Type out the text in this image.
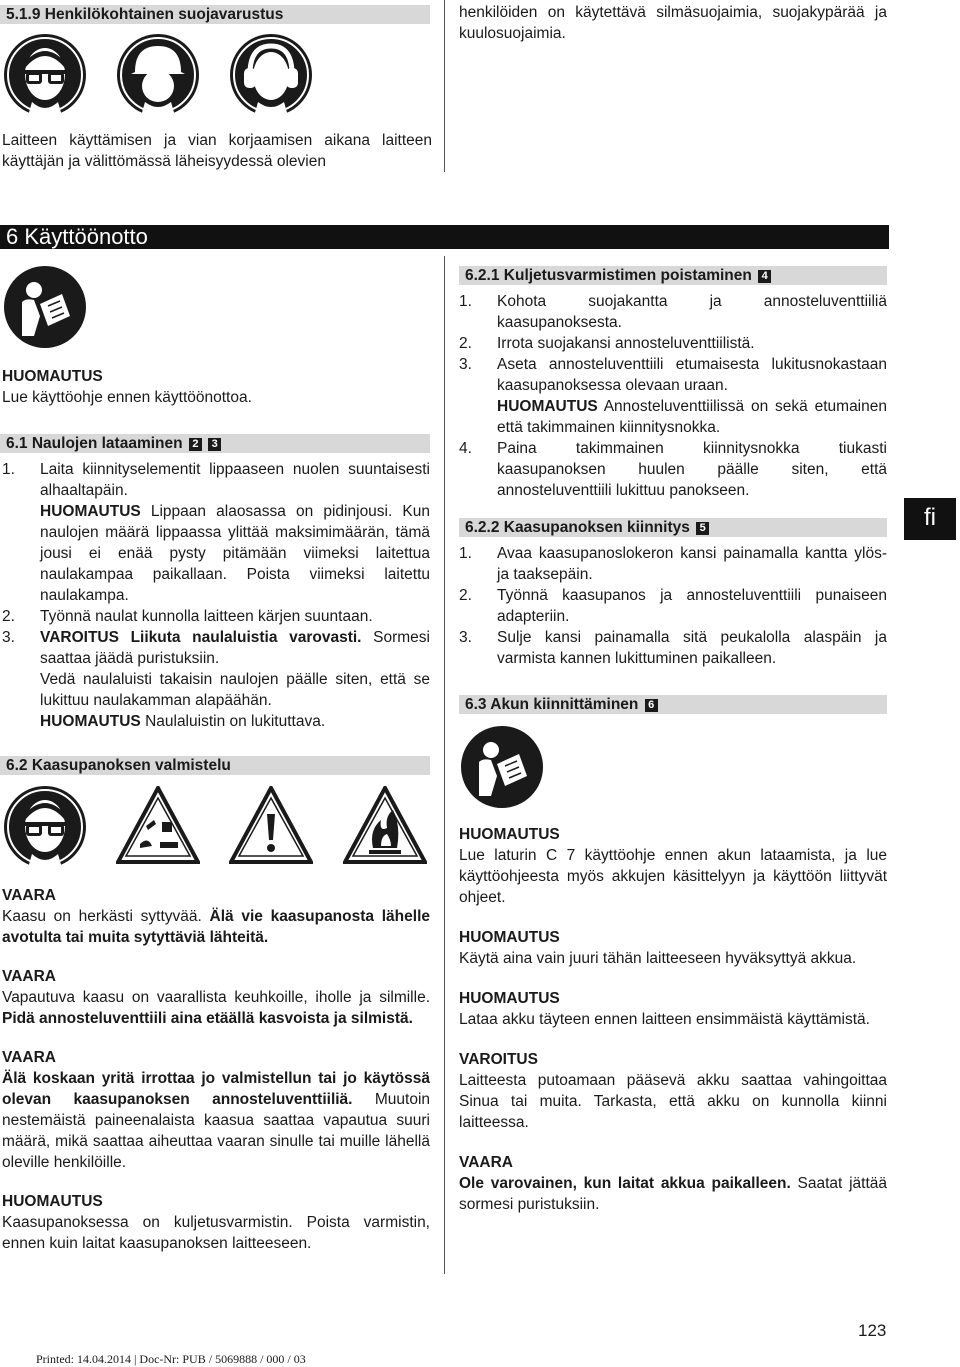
5.1.9 Henkilökohtainen suojavarustus	henkilöiden on käytettävä silmäsuojaimia, suojakypärää ja kuulosuojaimia.
Laitteen käyttämisen ja vian korjaamisen aikana laitteen käyttäjän ja välittömässä läheisyydessä olevien
6 Käyttöönotto
HUOMAUTUS
Lue käyttöohje ennen käyttöönottoa.
6.1 Naulojen lataaminen 2 3
1. Laita kiinnityselementit lippaaseen nuolen suuntaisesti alhaaltapäin.
HUOMAUTUS Lippaan alaosassa on pidinjousi. Kun naulojen määrä lippaassa ylittää maksimimäärän, tämä jousi ei enää pysty pitämään viimeksi laitettua naulakampaa paikallaan. Poista viimeksi laitettu naulakampa.
2. Työnnä naulat kunnolla laitteen kärjen suuntaan.
3. VAROITUS Liikuta naulaluistia varovasti. Sormesi saattaa jäädä puristuksiin.
Vedä naulaluisti takaisin naulojen päälle siten, että se lukittuu naulakamman alapäähän.
HUOMAUTUS Naulaluistin on lukituttava.
6.2 Kaasupanoksen valmistelu
VAARA
Kaasu on herkästi syttyvää. Älä vie kaasupanosta lähelle avotulta tai muita sytyttäviä lähteitä.
VAARA
Vapautuva kaasu on vaarallista keuhkoille, iholle ja silmille. Pidä annosteluventtiili aina etäällä kasvoista ja silmistä.
VAARA
Älä koskaan yritä irrottaa jo valmistellun tai jo käytössä olevan kaasupanoksen annosteluventtiiliä. Muutoin nestemäistä paineenalaista kaasua saattaa vapautua suuri määrä, mikä saattaa aiheuttaa vaaran sinulle tai muille lähellä oleville henkilöille.
HUOMAUTUS
Kaasupanoksessa on kuljetusvarmistin. Poista varmistin, ennen kuin laitat kaasupanoksen laitteeseen.
6.2.1 Kuljetusvarmistimen poistaminen 4
1. Kohota suojakantta ja annosteluventtiiliä kaasupanoksesta.
2. Irrota suojakansi annosteluventtiilistä.
3. Aseta annosteluventtiili etumaisesta lukitusnokastaan kaasupanoksessa olevaan uraan.
HUOMAUTUS Annosteluventtiilissä on sekä etumainen että takimmainen kiinnitysnokka.
4. Paina takimmainen kiinnitysnokka tiukasti kaasupanoksen huulen päälle siten, että annosteluventtiili lukittuu panokseen.
6.2.2 Kaasupanoksen kiinnitys 5
1. Avaa kaasupanoslokeron kansi painamalla kantta ylös- ja taaksepäin.
2. Työnnä kaasupanos ja annosteluventtiili punaiseen adapteriin.
3. Sulje kansi painamalla sitä peukalolla alaspäin ja varmista kannen lukittuminen paikalleen.
fi
6.3 Akun kiinnittäminen 6
HUOMAUTUS
Lue laturin C 7 käyttöohje ennen akun lataamista, ja lue käyttöohjeesta myös akkujen käsittelyyn ja käyttöön liittyvät ohjeet.
HUOMAUTUS
Käytä aina vain juuri tähän laitteeseen hyväksyttyä akkua.
HUOMAUTUS
Lataa akku täyteen ennen laitteen ensimmäistä käyttämistä.
VAROITUS
Laitteesta putoamaan pääsevä akku saattaa vahingoittaa Sinua tai muita. Tarkasta, että akku on kunnolla kiinni laitteessa.
VAARA
Ole varovainen, kun laitat akkua paikalleen. Saatat jättää sormesi puristuksiin.
123
Printed: 14.04.2014 | Doc-Nr: PUB / 5069888 / 000 / 03
